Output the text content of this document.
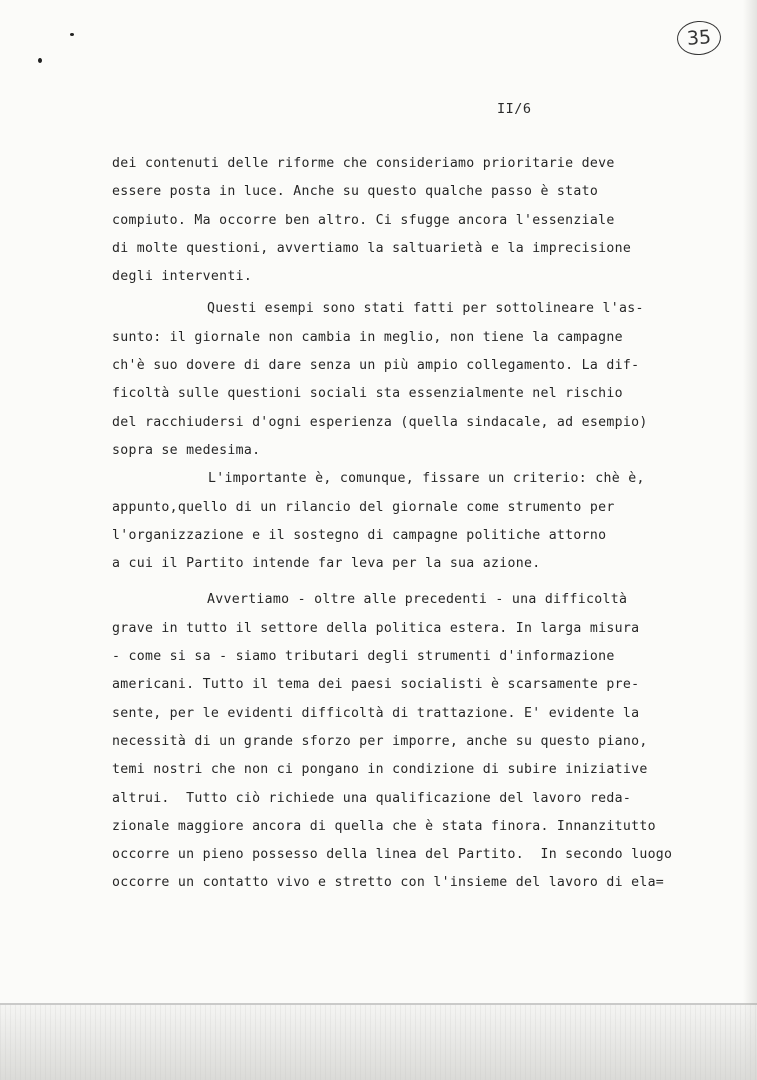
35
II/6
dei contenuti delle riforme che consideriamo prioritarie deve
essere posta in luce. Anche su questo qualche passo è stato
compiuto. Ma occorre ben altro. Ci sfugge ancora l'essenziale
di molte questioni, avvertiamo la saltuarietà e la imprecisione
degli interventi.
Questi esempi sono stati fatti per sottolineare l'as-
sunto: il giornale non cambia in meglio, non tiene la campagne
ch'è suo dovere di dare senza un più ampio collegamento. La dif-
ficoltà sulle questioni sociali sta essenzialmente nel rischio
del racchiudersi d'ogni esperienza (quella sindacale, ad esempio)
sopra se medesima.
L'importante è, comunque, fissare un criterio: chè è,
appunto,quello di un rilancio del giornale come strumento per
l'organizzazione e il sostegno di campagne politiche attorno
a cui il Partito intende far leva per la sua azione.
Avvertiamo - oltre alle precedenti - una difficoltà
grave in tutto il settore della politica estera. In larga misura
- come si sa - siamo tributari degli strumenti d'informazione
americani. Tutto il tema dei paesi socialisti è scarsamente pre-
sente, per le evidenti difficoltà di trattazione. E' evidente la
necessità di un grande sforzo per imporre, anche su questo piano,
temi nostri che non ci pongano in condizione di subire iniziative
altrui.  Tutto ciò richiede una qualificazione del lavoro reda-
zionale maggiore ancora di quella che è stata finora. Innanzitutto
occorre un pieno possesso della linea del Partito.  In secondo luogo
occorre un contatto vivo e stretto con l'insieme del lavoro di ela=
